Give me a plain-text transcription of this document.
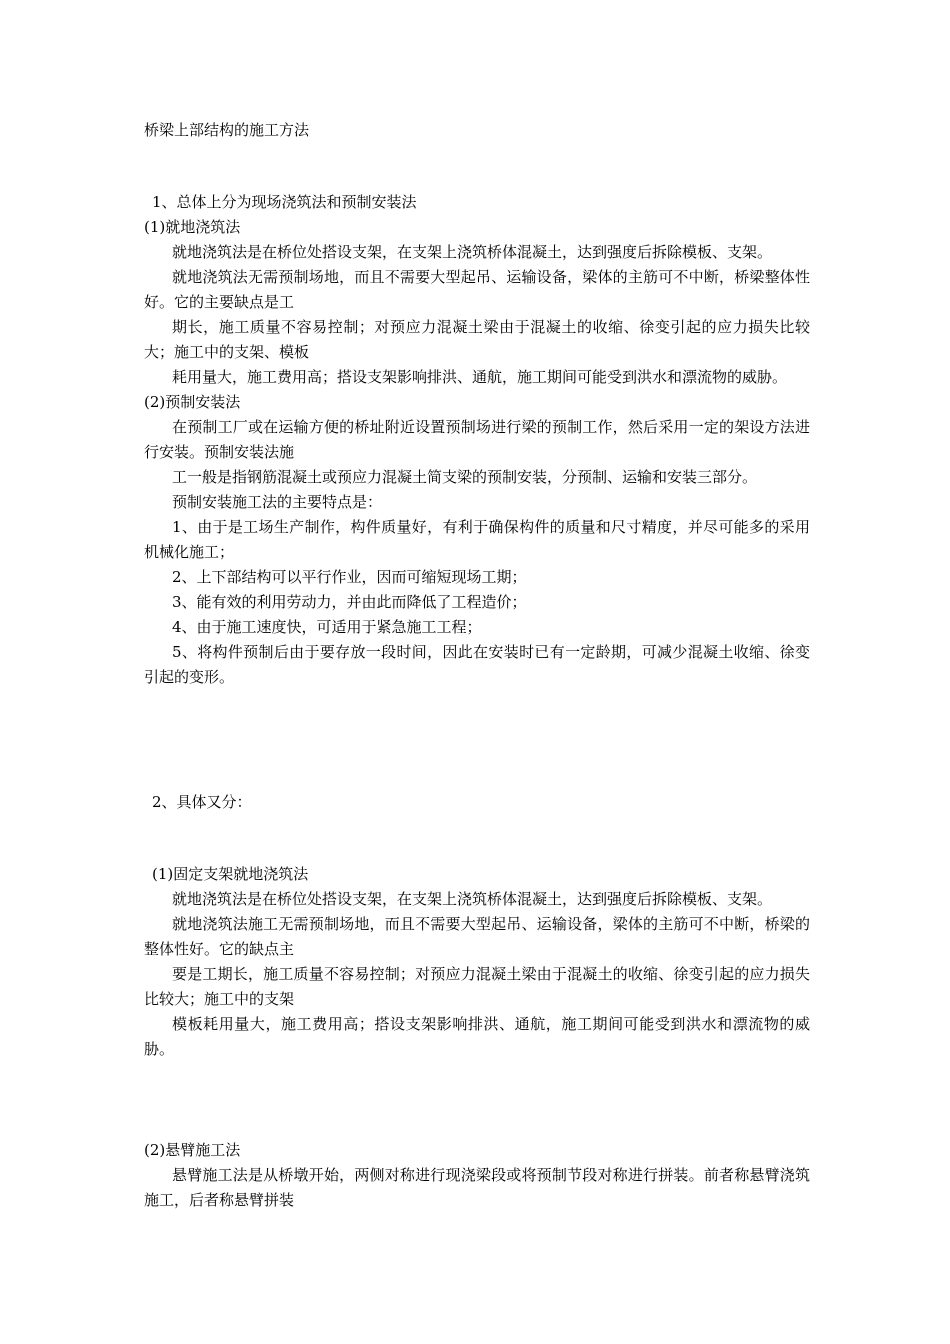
桥梁上部结构的施工方法

1、总体上分为现场浇筑法和预制安装法

(1)就地浇筑法

就地浇筑法是在桥位处搭设支架，在支架上浇筑桥体混凝土，达到强度后拆除模板、支架。

就地浇筑法无需预制场地，而且不需要大型起吊、运输设备，梁体的主筋可不中断，桥梁整体性好。它的主要缺点是工

期长，施工质量不容易控制；对预应力混凝土梁由于混凝土的收缩、徐变引起的应力损失比较大；施工中的支架、模板

耗用量大，施工费用高；搭设支架影响排洪、通航，施工期间可能受到洪水和漂流物的威胁。

(2)预制安装法

在预制工厂或在运输方便的桥址附近设置预制场进行梁的预制工作，然后采用一定的架设方法进行安装。预制安装法施

工一般是指钢筋混凝土或预应力混凝土简支梁的预制安装，分预制、运输和安装三部分。

预制安装施工法的主要特点是：

1、由于是工场生产制作，构件质量好，有利于确保构件的质量和尺寸精度，并尽可能多的采用机械化施工；

2、上下部结构可以平行作业，因而可缩短现场工期；

3、能有效的利用劳动力，并由此而降低了工程造价；

4、由于施工速度快，可适用于紧急施工工程；

5、将构件预制后由于要存放一段时间，因此在安装时已有一定龄期，可减少混凝土收缩、徐变引起的变形。

2、具体又分：

(1)固定支架就地浇筑法

就地浇筑法是在桥位处搭设支架，在支架上浇筑桥体混凝土，达到强度后拆除模板、支架。

就地浇筑法施工无需预制场地，而且不需要大型起吊、运输设备，梁体的主筋可不中断，桥梁的整体性好。它的缺点主

要是工期长，施工质量不容易控制；对预应力混凝土梁由于混凝土的收缩、徐变引起的应力损失比较大；施工中的支架

模板耗用量大，施工费用高；搭设支架影响排洪、通航，施工期间可能受到洪水和漂流物的威胁。

(2)悬臂施工法

悬臂施工法是从桥墩开始，两侧对称进行现浇梁段或将预制节段对称进行拼装。前者称悬臂浇筑施工，后者称悬臂拼装
